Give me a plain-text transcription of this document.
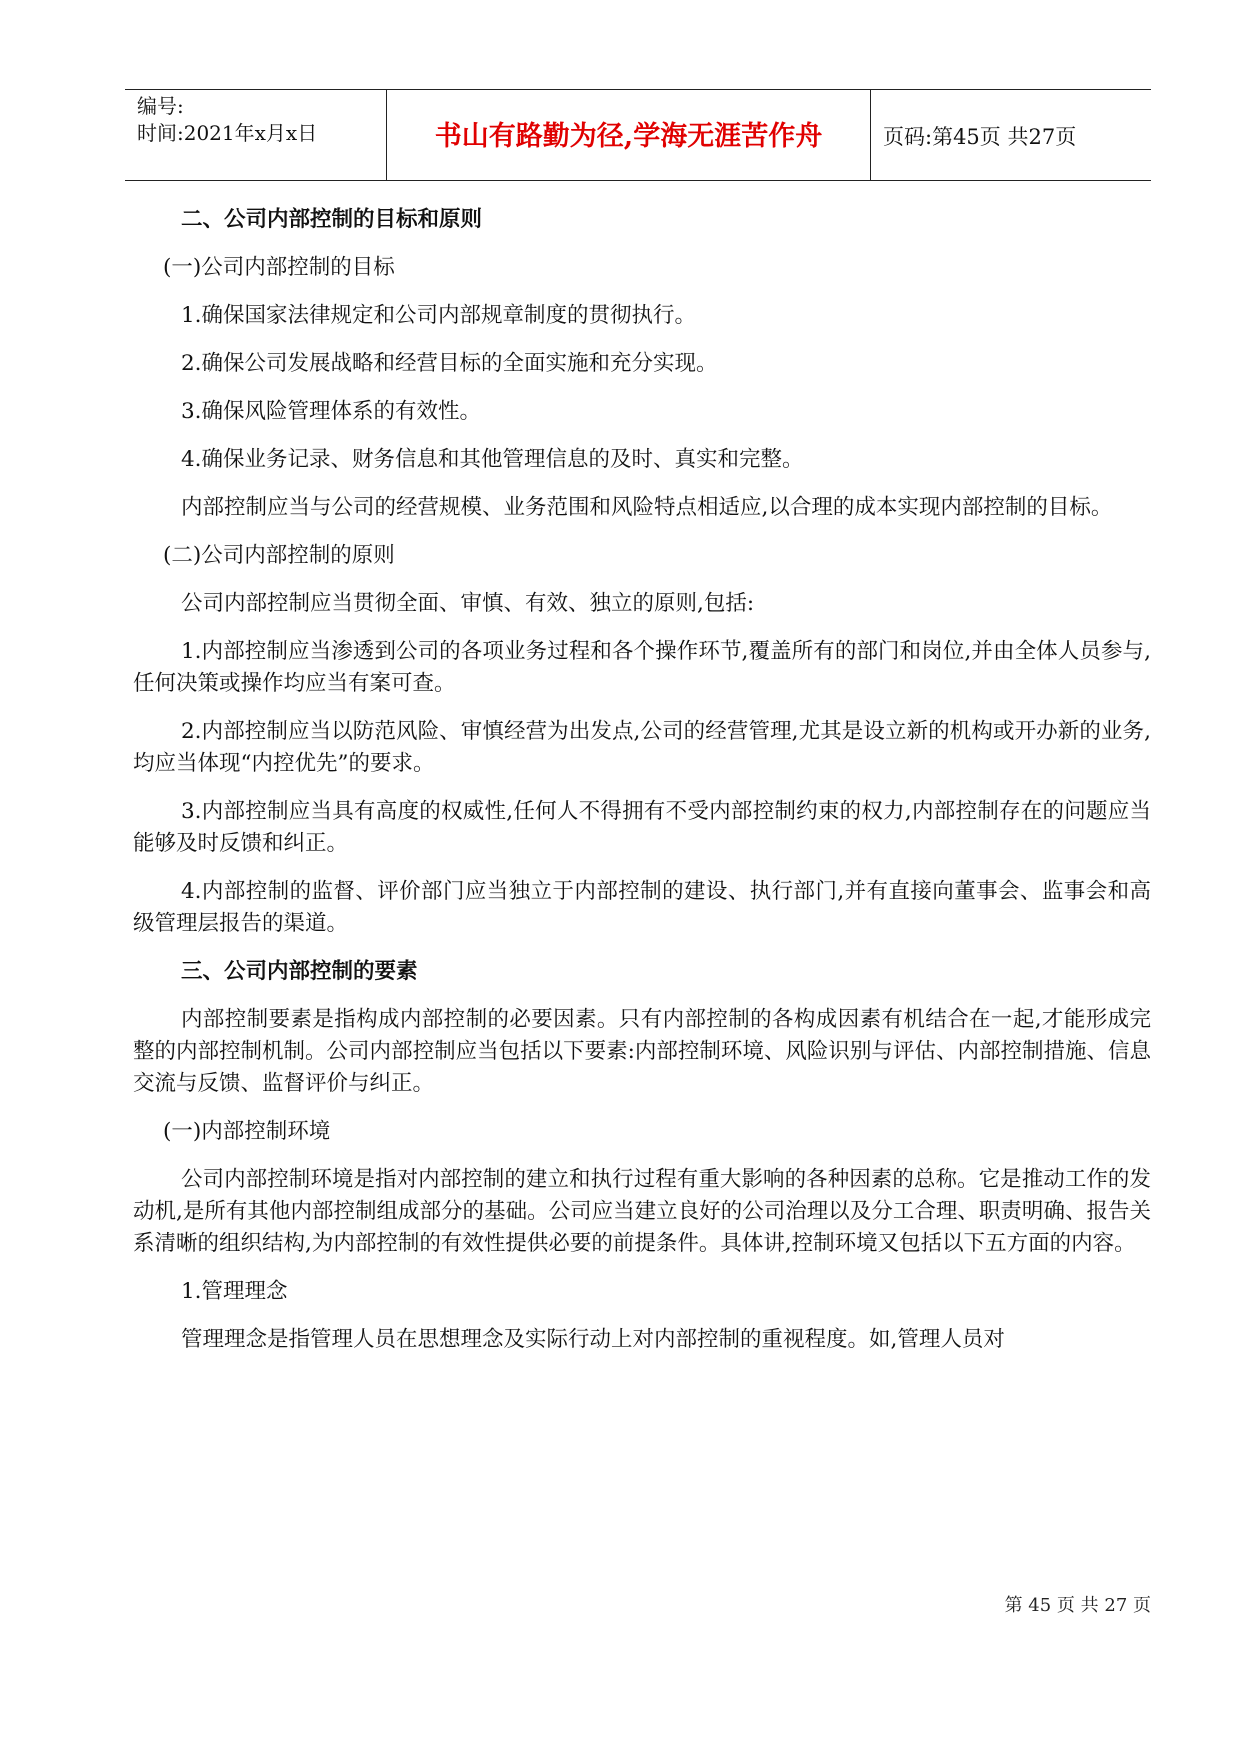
编号:
时间:2021年x月x日	书山有路勤为径,学海无涯苦作舟	页码:第45页 共27页

二、公司内部控制的目标和原则

(一)公司内部控制的目标

1.确保国家法律规定和公司内部规章制度的贯彻执行。

2.确保公司发展战略和经营目标的全面实施和充分实现。

3.确保风险管理体系的有效性。

4.确保业务记录、财务信息和其他管理信息的及时、真实和完整。

内部控制应当与公司的经营规模、业务范围和风险特点相适应,以合理的成本实现内部控制的目标。

(二)公司内部控制的原则

公司内部控制应当贯彻全面、审慎、有效、独立的原则,包括:

1.内部控制应当渗透到公司的各项业务过程和各个操作环节,覆盖所有的部门和岗位,并由全体人员参与,任何决策或操作均应当有案可查。

2.内部控制应当以防范风险、审慎经营为出发点,公司的经营管理,尤其是设立新的机构或开办新的业务,均应当体现“内控优先”的要求。

3.内部控制应当具有高度的权威性,任何人不得拥有不受内部控制约束的权力,内部控制存在的问题应当能够及时反馈和纠正。

4.内部控制的监督、评价部门应当独立于内部控制的建设、执行部门,并有直接向董事会、监事会和高级管理层报告的渠道。

三、公司内部控制的要素

内部控制要素是指构成内部控制的必要因素。只有内部控制的各构成因素有机结合在一起,才能形成完整的内部控制机制。公司内部控制应当包括以下要素:内部控制环境、风险识别与评估、内部控制措施、信息交流与反馈、监督评价与纠正。

(一)内部控制环境

公司内部控制环境是指对内部控制的建立和执行过程有重大影响的各种因素的总称。它是推动工作的发动机,是所有其他内部控制组成部分的基础。公司应当建立良好的公司治理以及分工合理、职责明确、报告关系清晰的组织结构,为内部控制的有效性提供必要的前提条件。具体讲,控制环境又包括以下五方面的内容。

1.管理理念

管理理念是指管理人员在思想理念及实际行动上对内部控制的重视程度。如,管理人员对

第 45 页 共 27 页
